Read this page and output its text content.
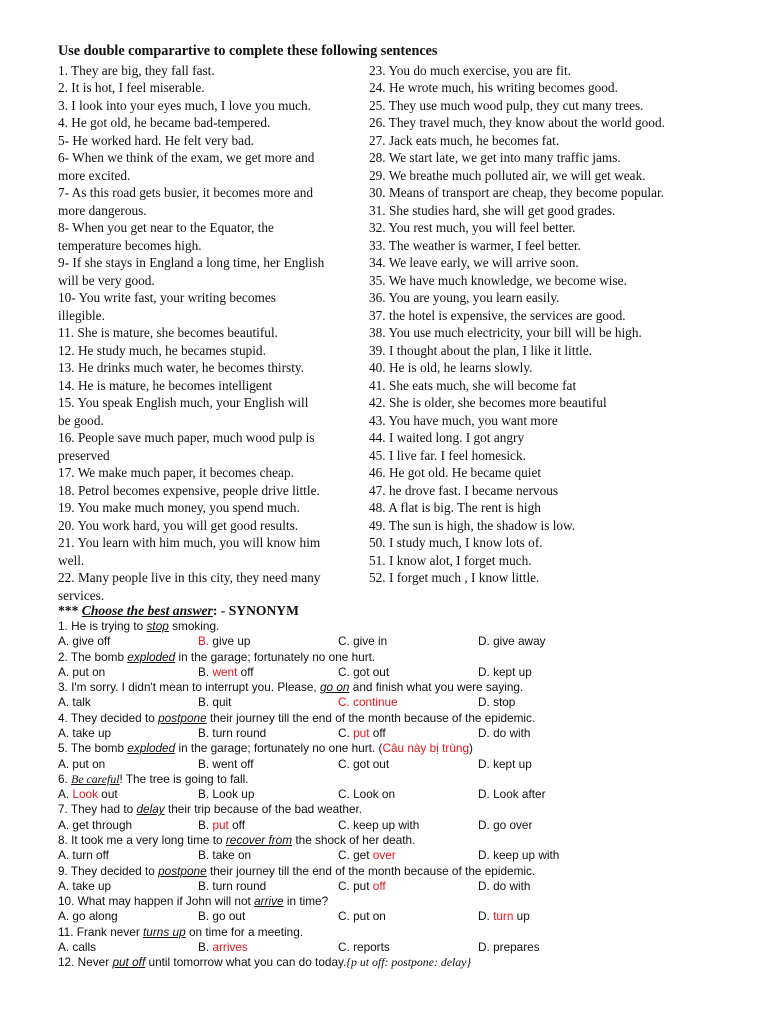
Use double comparartive to complete these following sentences

1. They are big, they fall fast.

2. It is hot, I feel miserable.

3. I look into your eyes much, I love you much.

4. He got old, he became bad-tempered.

5- He worked hard. He felt very bad.

6- When we think of the exam, we get more and

more excited.

7- As this road gets busier, it becomes more and

more dangerous.

8- When you get near to the Equator, the

temperature becomes high.

9- If she stays in England a long time, her English

will be very good.

10- You write fast, your writing becomes

illegible.

11. She is mature, she becomes beautiful.

12. He study much, he becames stupid.

13. He drinks much water, he becomes thirsty.

14. He is mature, he becomes intelligent

15. You speak English much, your English will

be good.

16. People save much paper, much wood pulp is

preserved

17. We make much paper, it becomes cheap.

18. Petrol becomes expensive, people drive little.

19. You make much money, you spend much.

20. You work hard, you will get good results.

21. You learn with him much, you will know him

well.

22. Many people live in this city, they need many

services.

23. You do much exercise, you are fit.

24. He wrote much, his writing becomes good.

25. They use much wood pulp, they cut many trees.

26. They travel much, they know about the world good.

27. Jack eats much, he becomes fat.

28. We start late, we get into many traffic jams.

29. We breathe much polluted air, we will get weak.

30. Means of transport are cheap, they become popular.

31. She studies hard, she will get good grades.

32. You rest much, you will feel better.

33. The weather is warmer, I feel better.

34. We leave early, we will arrive soon.

35. We have much knowledge, we become wise.

36. You are young, you learn easily.

37. the hotel is expensive, the services are good.

38. You use much electricity, your bill will be high.

39. I thought about the plan, I like it little.

40. He is old, he learns slowly.

41. She eats much, she will become fat

42. She is older, she becomes more beautiful

43. You have much, you want more

44. I waited long. I got angry

45. I live far. I feel homesick.

46. He got old. He became quiet

47. he drove fast. I became nervous

48. A flat is big. The rent is high

49. The sun is high, the shadow is low.

50. I study much, I know lots of.

51. I know alot, I forget much.

52. I forget much , I know little.

*** Choose the best answer: - SYNONYM
1. He is trying to stop smoking.
A. give off	B. give up	C. give in	D. give away
2. The bomb exploded in the garage; fortunately no one hurt.
A. put on	B. went off	C. got out	D. kept up
3. I'm sorry. I didn't mean to interrupt you. Please, go on and finish what you were saying.
A. talk	B. quit	C. continue	D. stop
4. They decided to postpone their journey till the end of the month because of the epidemic.
A. take up	B. turn round	C. put off	D. do with
5. The bomb exploded in the garage; fortunately no one hurt. (Câu này bị trùng)
A. put on	B. went off	C. got out	D. kept up
6. Be careful! The tree is going to fall.
A. Look out	B. Look up	C. Look on	D. Look after
7. They had to delay their trip because of the bad weather.
A. get through	B. put off	C. keep up with	D. go over
8. It took me a very long time to recover from the shock of her death.
A. turn off	B. take on	C. get over	D. keep up with
9. They decided to postpone their journey till the end of the month because of the epidemic.
A. take up	B. turn round	C. put off	D. do with
10. What may happen if John will not arrive in time?
A. go along	B. go out	C. put on	D. turn up
11. Frank never turns up on time for a meeting.
A. calls	B. arrives	C. reports	D. prepares
12. Never put off until tomorrow what you can do today.{p ut off: postpone: delay}
